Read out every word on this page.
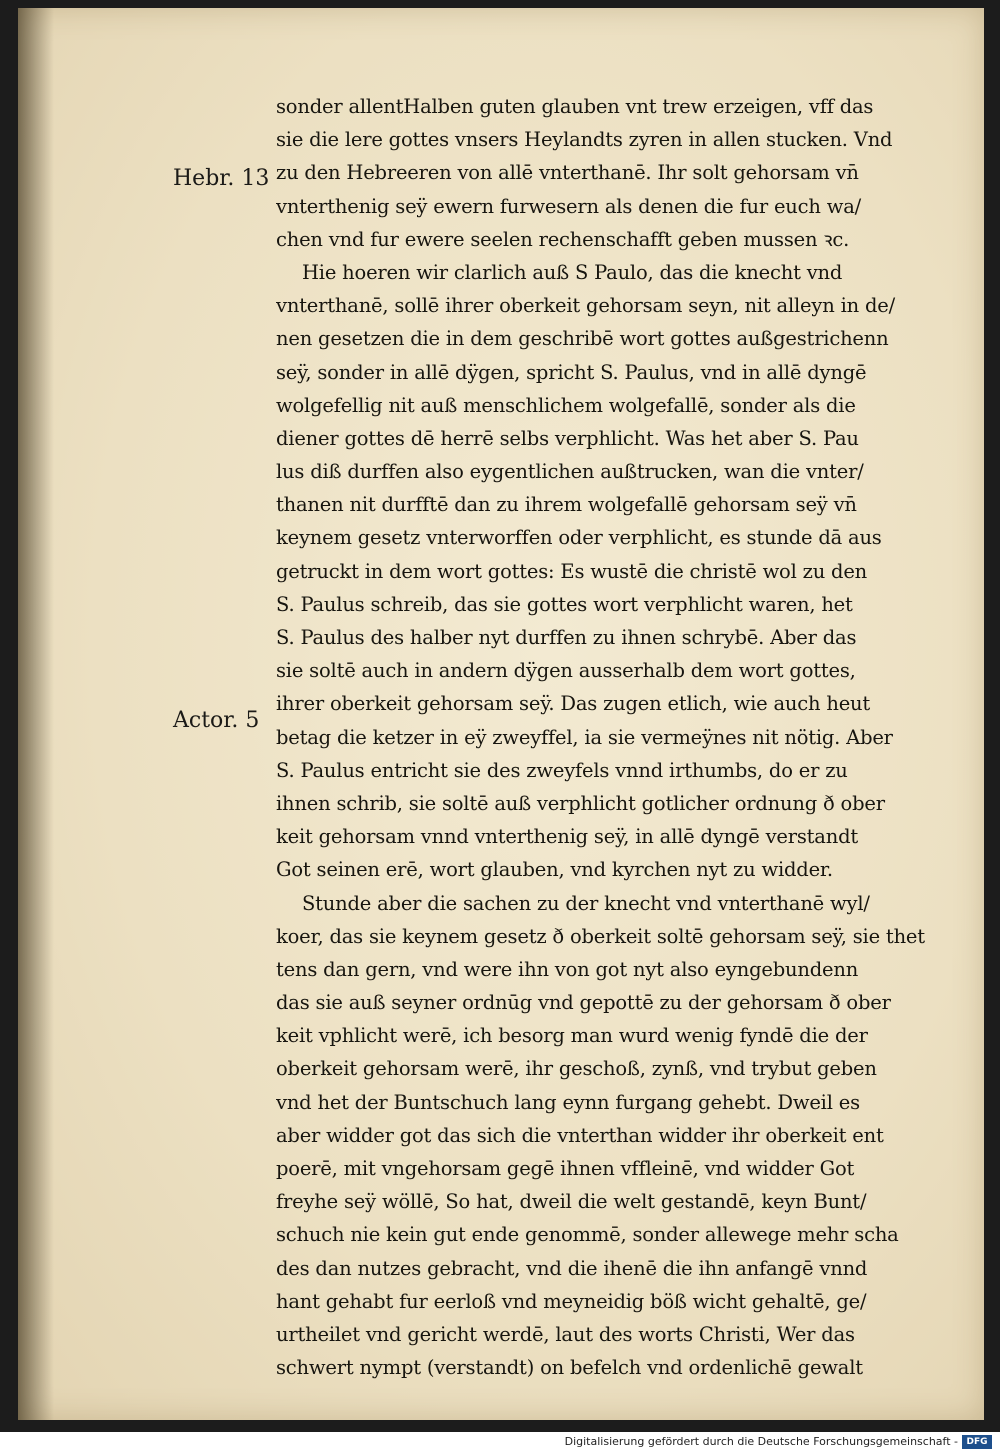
Hebr. 13
Actor. 5
sonder allentHalben guten glauben vnt trew erzeigen, vff das
sie die lere gottes vnsers Heylandts zyren in allen stucken. Vnd
zu den Hebreeren von allē vnterthanē. Ihr solt gehorsam vn̄
vnterthenig seÿ ewern furwesern als denen die fur euch wa/
chen vnd fur ewere seelen rechenschafft geben mussen ꝛc.
Hie hoeren wir clarlich auß S Paulo, das die knecht vnd
vnterthanē, sollē ihrer oberkeit gehorsam seyn, nit alleyn in de/
nen gesetzen die in dem geschribē wort gottes außgestrichenn
seÿ, sonder in allē dÿgen, spricht S. Paulus, vnd in allē dyngē
wolgefellig nit auß menschlichem wolgefallē, sonder als die
diener gottes dē herrē selbs verphlicht. Was het aber S. Pau
lus diß durffen also eygentlichen außtrucken, wan die vnter/
thanen nit durfftē dan zu ihrem wolgefallē gehorsam seÿ vn̄
keynem gesetz vnterworffen oder verphlicht, es stunde dā aus
getruckt in dem wort gottes: Es wustē die christē wol zu den
S. Paulus schreib, das sie gottes wort verphlicht waren, het
S. Paulus des halber nyt durffen zu ihnen schrybē. Aber das
sie soltē auch in andern dÿgen ausserhalb dem wort gottes,
ihrer oberkeit gehorsam seÿ. Das zugen etlich, wie auch heut
betag die ketzer in eÿ zweyffel, ia sie vermeÿnes nit nötig. Aber
S. Paulus entricht sie des zweyfels vnnd irthumbs, do er zu
ihnen schrib, sie soltē auß verphlicht gotlicher ordnung ð ober
keit gehorsam vnnd vnterthenig seÿ, in allē dyngē verstandt
Got seinen erē, wort glauben, vnd kyrchen nyt zu widder.
Stunde aber die sachen zu der knecht vnd vnterthanē wyl/
koer, das sie keynem gesetz ð oberkeit soltē gehorsam seÿ, sie thet
tens dan gern, vnd were ihn von got nyt also eyngebundenn
das sie auß seyner ordnūg vnd gepottē zu der gehorsam ð ober
keit vphlicht werē, ich besorg man wurd wenig fyndē die der
oberkeit gehorsam werē, ihr geschoß, zynß, vnd trybut geben
vnd het der Buntschuch lang eynn furgang gehebt. Dweil es
aber widder got das sich die vnterthan widder ihr oberkeit ent
poerē, mit vngehorsam gegē ihnen vffleinē, vnd widder Got
freyhe seÿ wöllē, So hat, dweil die welt gestandē, keyn Bunt/
schuch nie kein gut ende genommē, sonder allewege mehr scha
des dan nutzes gebracht, vnd die ihenē die ihn anfangē vnnd
hant gehabt fur eerloß vnd meyneidig böß wicht gehaltē, ge/
urtheilet vnd gericht werdē, laut des worts Christi, Wer das
schwert nympt (verstandt) on befelch vnd ordenlichē gewalt
Digitalisierung gefördert durch die Deutsche Forschungsgemeinschaft - DFG
